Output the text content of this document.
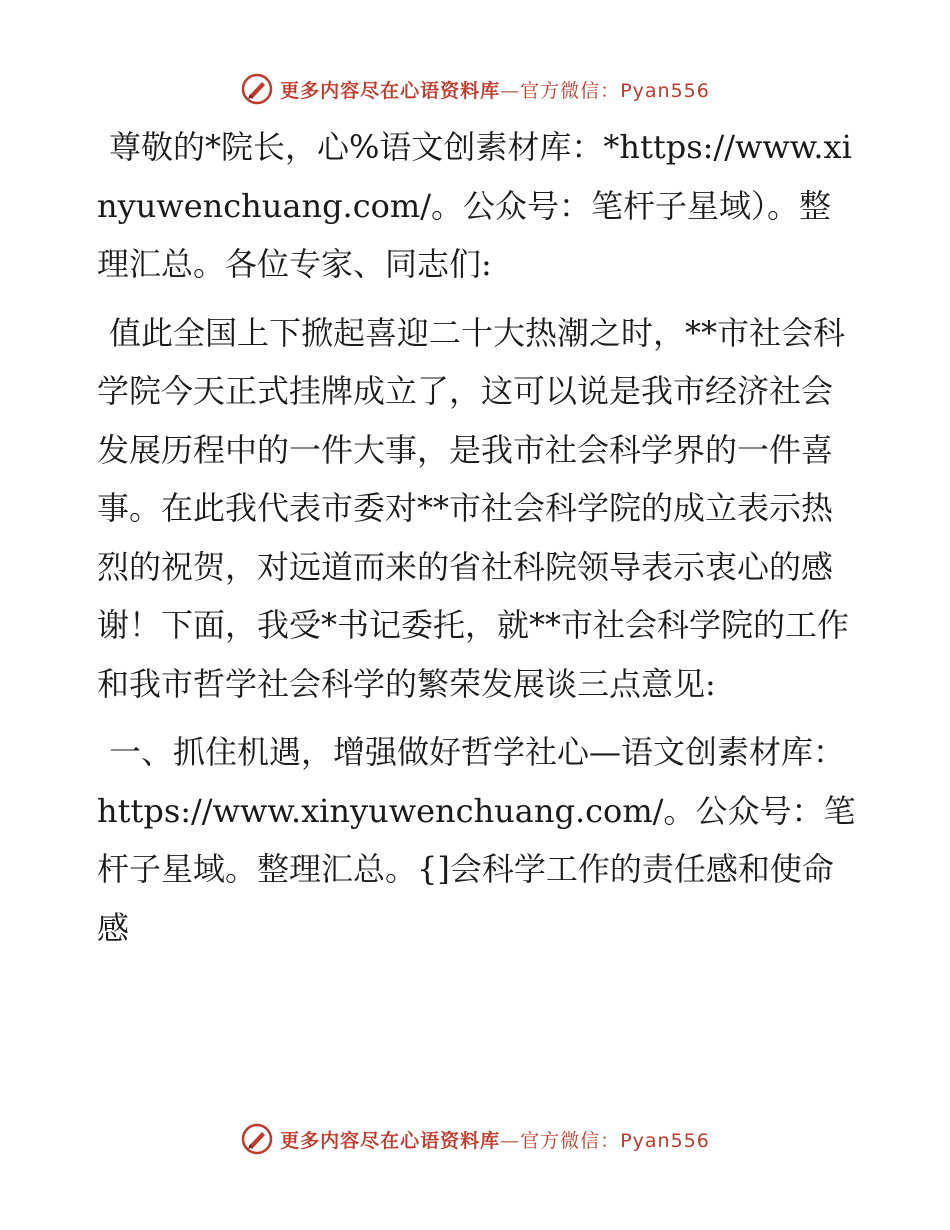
更多内容尽在心语资料库—官方微信：Pyan556

尊敬的*院长，心%语文创素材库：*https://www.xinyuwenchuang.com/。公众号：笔杆子星域）。整理汇总。各位专家、同志们:

值此全国上下掀起喜迎二十大热潮之时，**市社会科学院今天正式挂牌成立了，这可以说是我市经济社会发展历程中的一件大事，是我市社会科学界的一件喜事。在此我代表市委对**市社会科学院的成立表示热烈的祝贺，对远道而来的省社科院领导表示衷心的感谢！下面，我受*书记委托，就**市社会科学院的工作和我市哲学社会科学的繁荣发展谈三点意见:

一、抓住机遇，增强做好哲学社心—语文创素材库：https://www.xinyuwenchuang.com/。公众号：笔杆子星域。整理汇总。{]会科学工作的责任感和使命感

更多内容尽在心语资料库—官方微信：Pyan556
